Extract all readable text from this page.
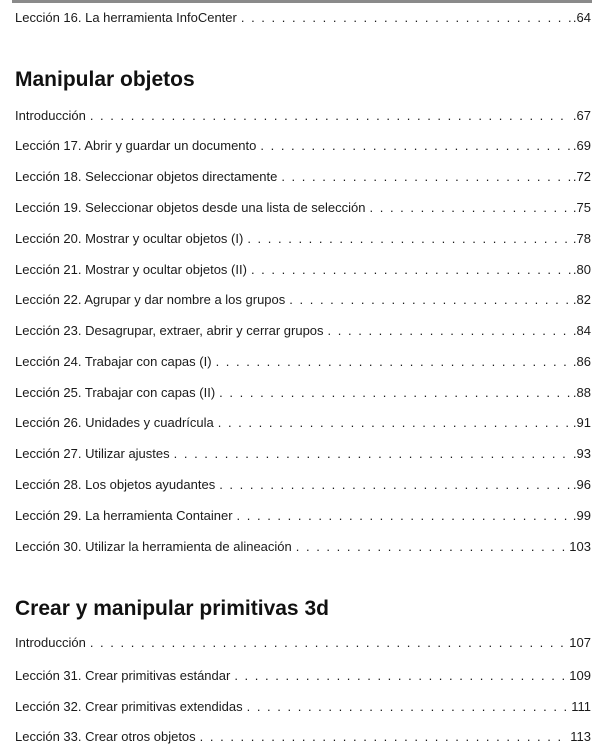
Lección 16. La herramienta InfoCenter . . .	.64
Manipular objetos
Introducción . . .	.67
Lección 17. Abrir y guardar un documento . . .	.69
Lección 18. Seleccionar objetos directamente . . .	.72
Lección 19. Seleccionar objetos desde una lista de selección . . .	.75
Lección 20. Mostrar y ocultar objetos (I) . . .	.78
Lección 21. Mostrar y ocultar objetos (II) . . .	.80
Lección 22. Agrupar y dar nombre a los grupos . . .	.82
Lección 23. Desagrupar, extraer, abrir y cerrar grupos . . .	.84
Lección 24. Trabajar con capas (I) . . .	.86
Lección 25. Trabajar con capas (II) . . .	.88
Lección 26. Unidades y cuadrícula . . .	.91
Lección 27. Utilizar ajustes . . .	.93
Lección 28. Los objetos ayudantes . . .	.96
Lección 29. La herramienta Container . . .	.99
Lección 30. Utilizar la herramienta de alineación . . .	103
Crear y manipular primitivas 3d
Introducción . . .	107
Lección 31. Crear primitivas estándar . . .	109
Lección 32. Crear primitivas extendidas . . .	111
Lección 33. Crear otros objetos . . .	113
